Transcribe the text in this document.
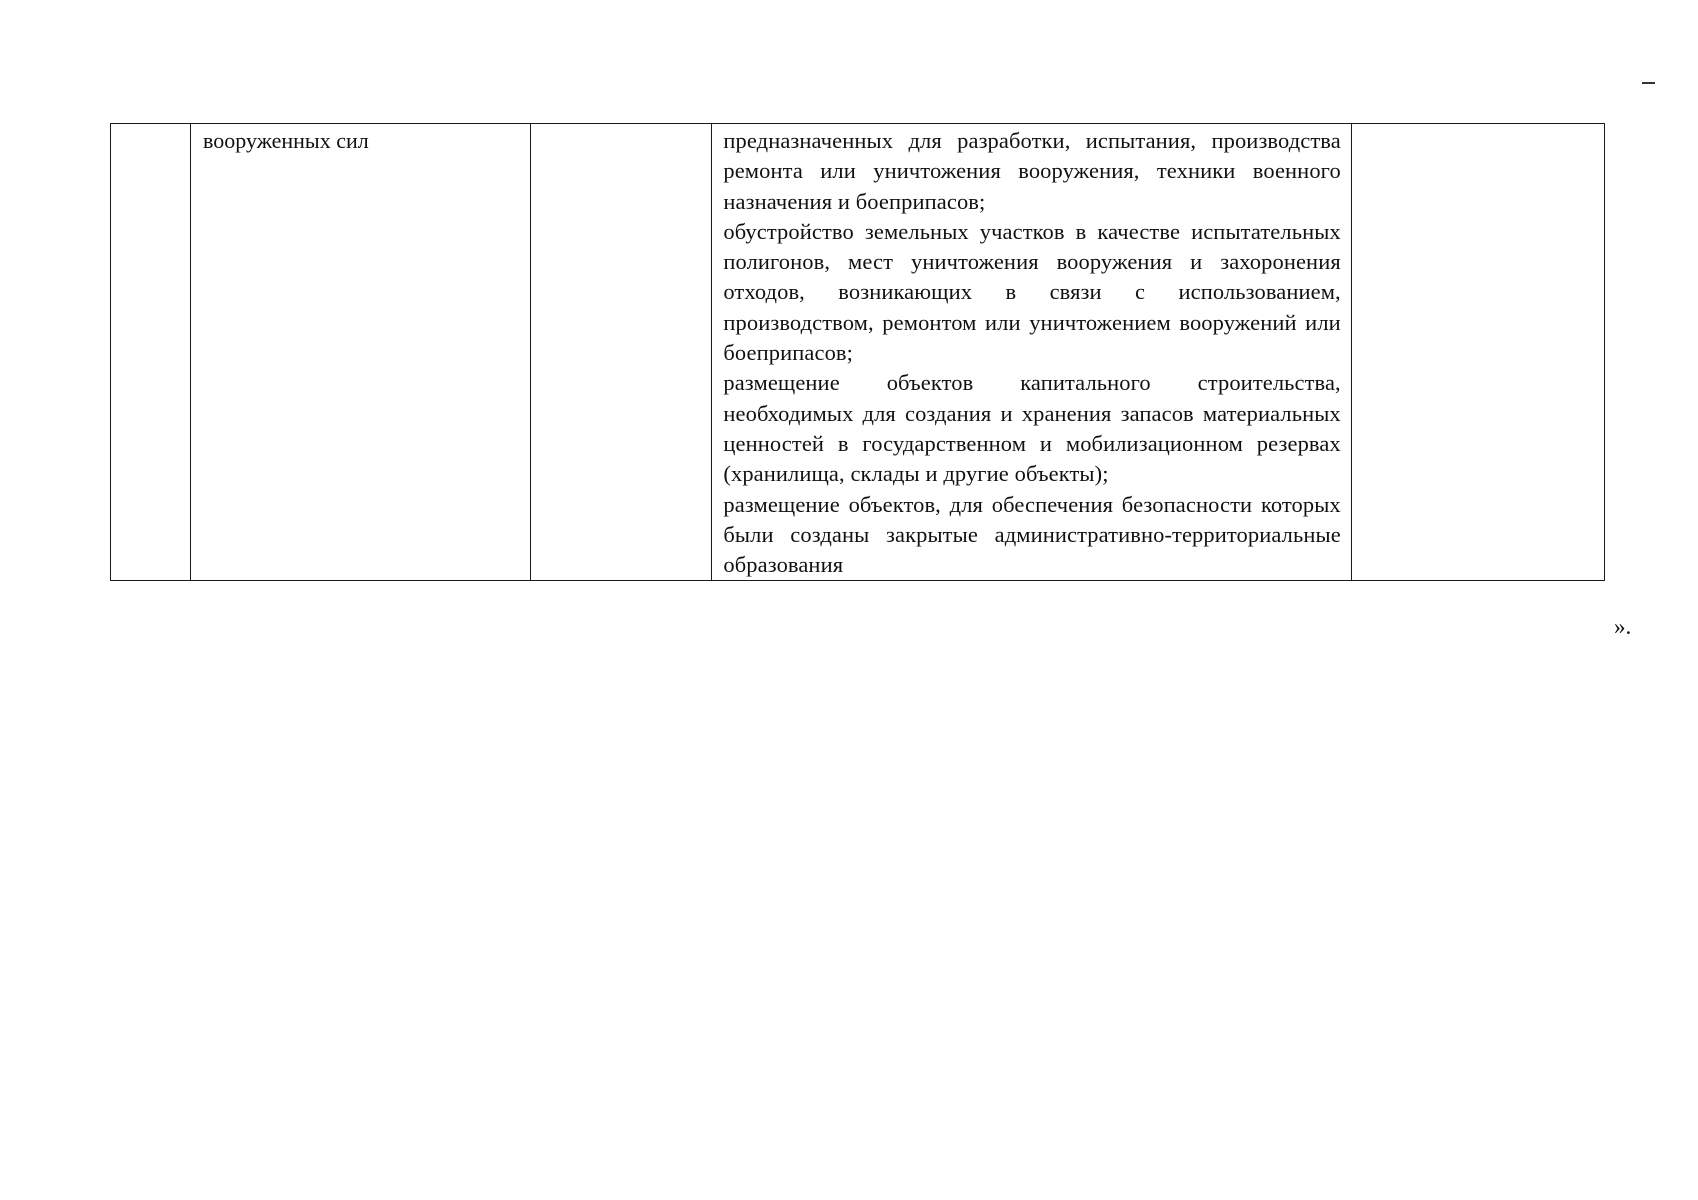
	вооруженных сил		предназначенных для разработки, испытания, производства ремонта или уничтожения вооружения, техники военного назначения и боеприпасов;

обустройство земельных участков в качестве испытательных полигонов, мест уничтожения вооружения и захоронения отходов, возникающих в связи с использованием, производством, ремонтом или уничтожением вооружений или боеприпасов;

размещение объектов капитального строительства, необходимых для создания и хранения запасов материальных ценностей в государственном и мобилизационном резервах (хранилища, склады и другие объекты);

размещение объектов, для обеспечения безопасности которых были созданы закрытые административно-территориальные образования

».
